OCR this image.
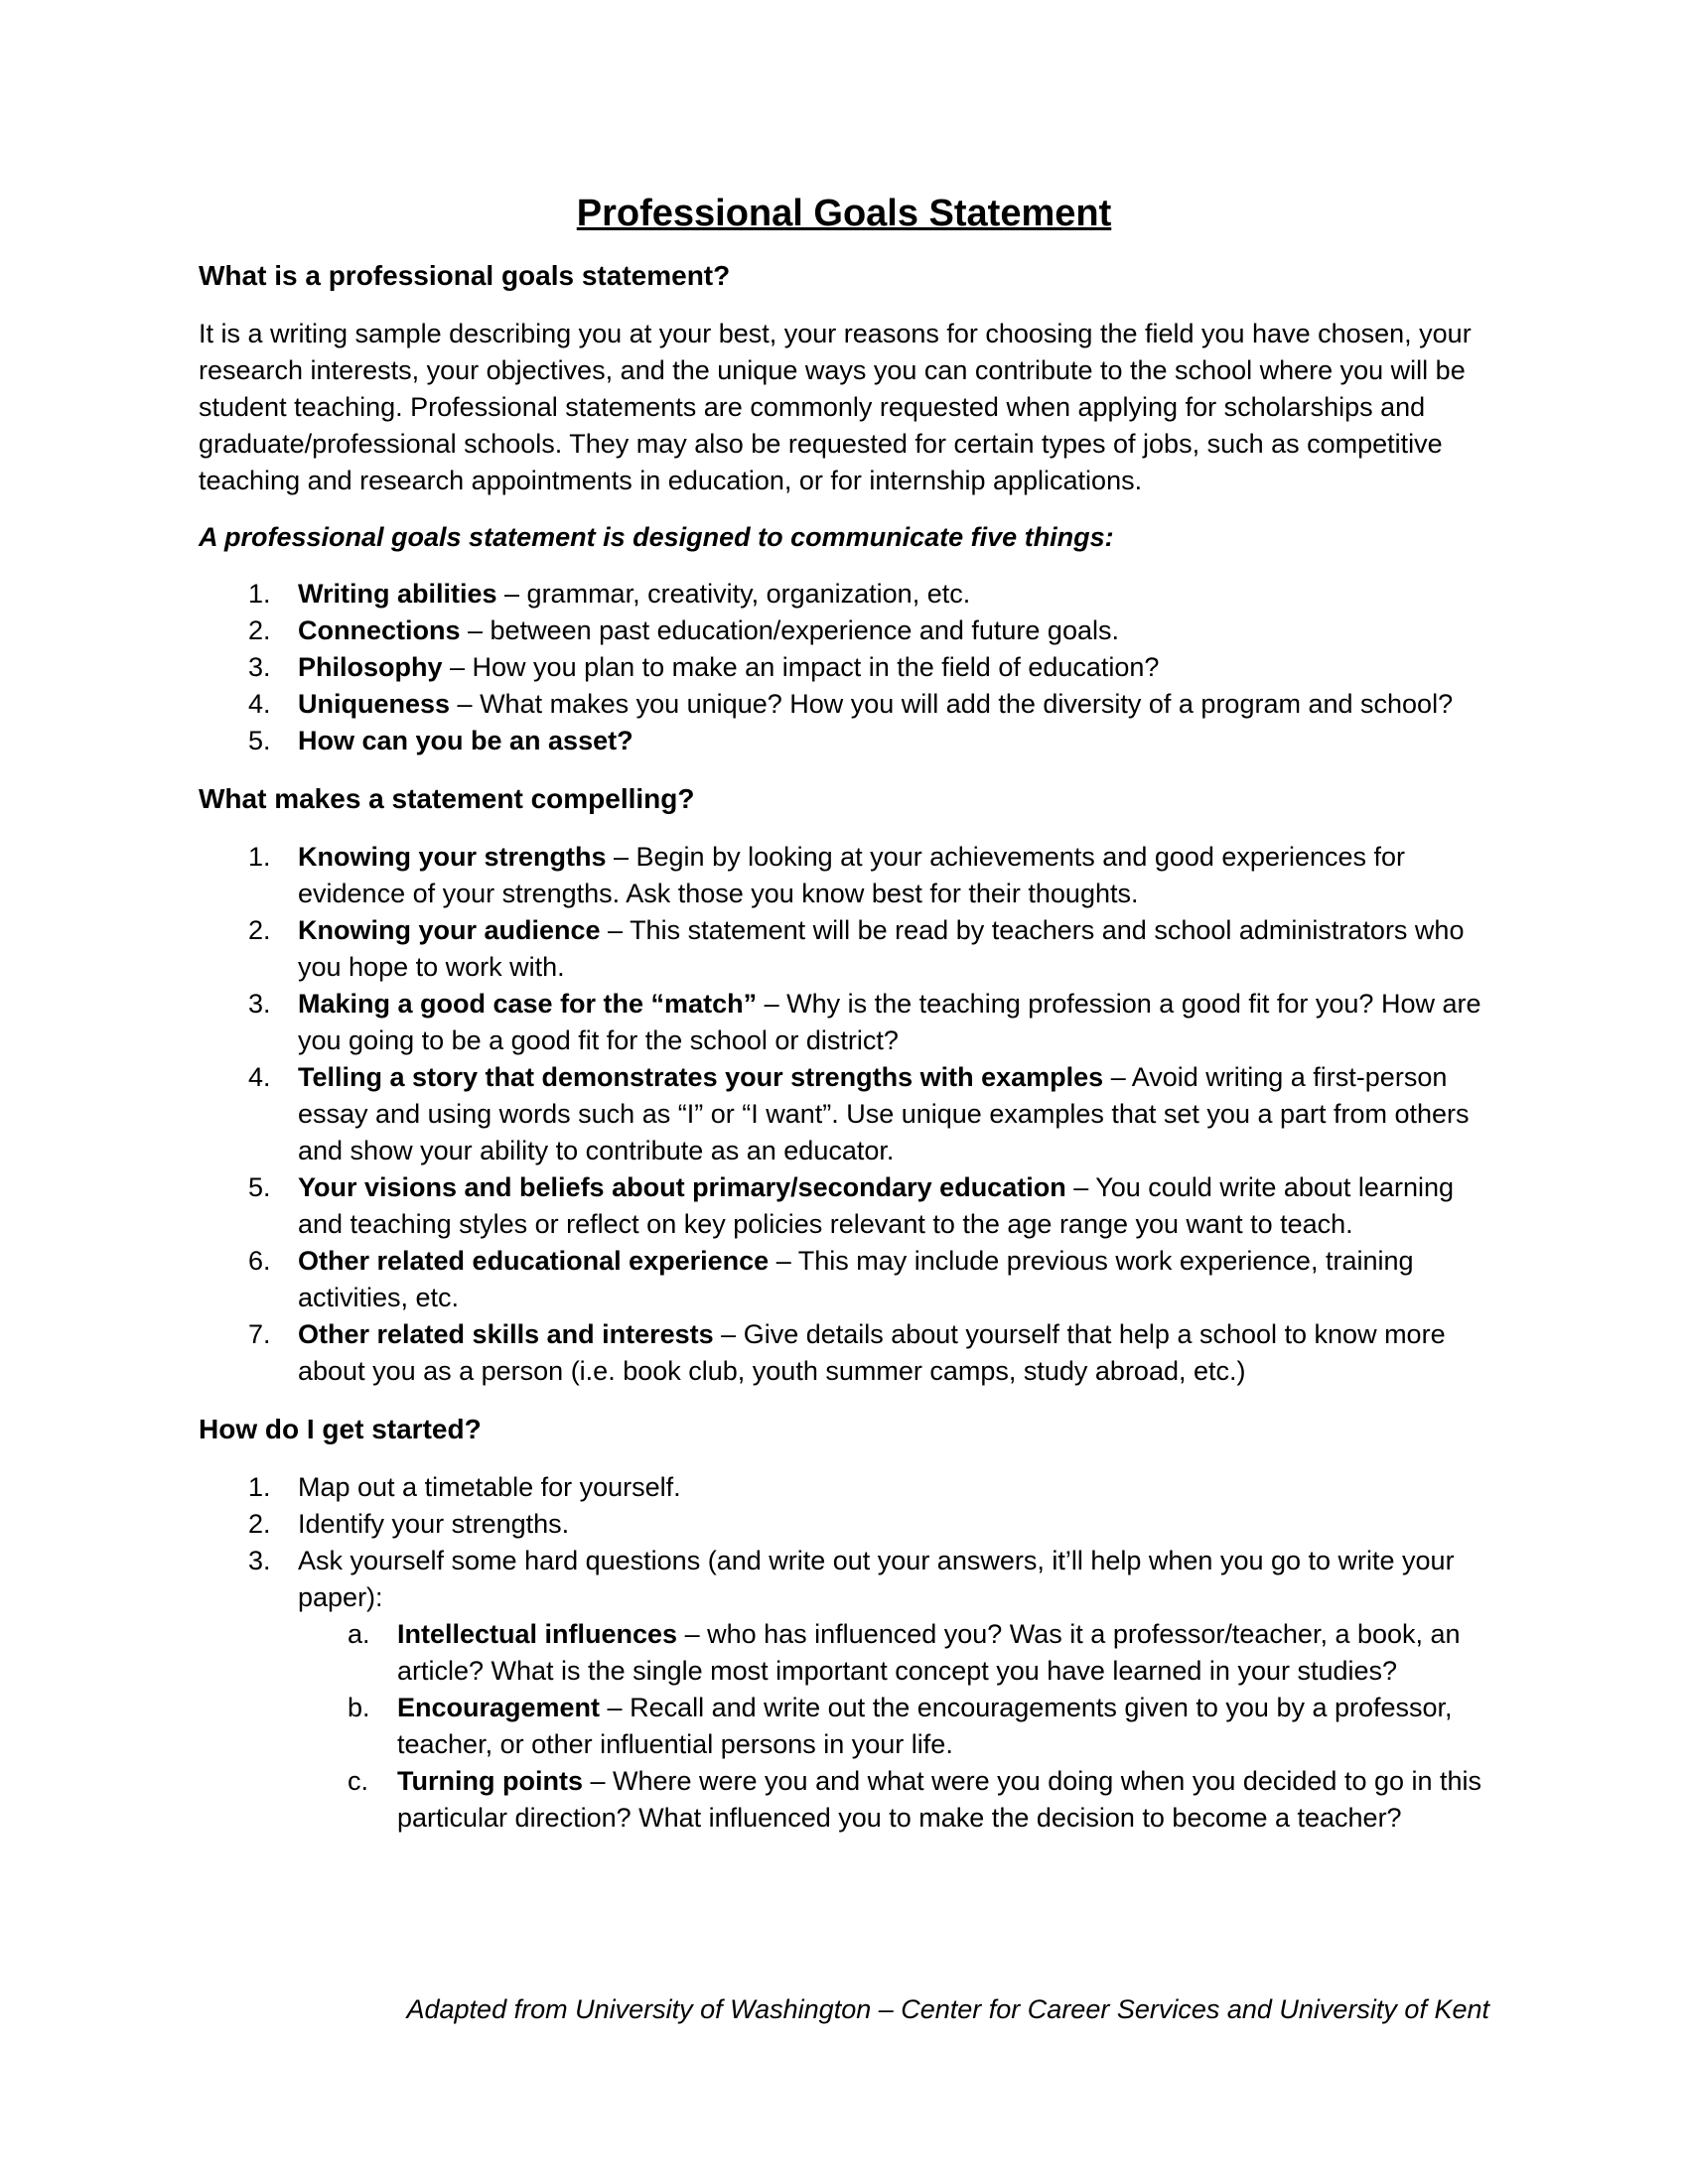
Professional Goals Statement
What is a professional goals statement?

It is a writing sample describing you at your best, your reasons for choosing the field you have chosen, your research interests, your objectives, and the unique ways you can contribute to the school where you will be student teaching. Professional statements are commonly requested when applying for scholarships and graduate/professional schools. They may also be requested for certain types of jobs, such as competitive teaching and research appointments in education, or for internship applications.

A professional goals statement is designed to communicate five things:

1. Writing abilities – grammar, creativity, organization, etc.
2. Connections – between past education/experience and future goals.
3. Philosophy – How you plan to make an impact in the field of education?
4. Uniqueness – What makes you unique? How you will add the diversity of a program and school?
5. How can you be an asset?
What makes a statement compelling?
1. Knowing your strengths – Begin by looking at your achievements and good experiences for evidence of your strengths. Ask those you know best for their thoughts.
2. Knowing your audience – This statement will be read by teachers and school administrators who you hope to work with.
3. Making a good case for the “match” – Why is the teaching profession a good fit for you? How are you going to be a good fit for the school or district?
4. Telling a story that demonstrates your strengths with examples – Avoid writing a first-person essay and using words such as “I” or “I want”. Use unique examples that set you a part from others and show your ability to contribute as an educator.
5. Your visions and beliefs about primary/secondary education – You could write about learning and teaching styles or reflect on key policies relevant to the age range you want to teach.
6. Other related educational experience – This may include previous work experience, training activities, etc.
7. Other related skills and interests – Give details about yourself that help a school to know more about you as a person (i.e. book club, youth summer camps, study abroad, etc.)
How do I get started?
1. Map out a timetable for yourself.
2. Identify your strengths.
3. Ask yourself some hard questions (and write out your answers, it’ll help when you go to write your paper):
a. Intellectual influences – who has influenced you? Was it a professor/teacher, a book, an article? What is the single most important concept you have learned in your studies?
b. Encouragement – Recall and write out the encouragements given to you by a professor, teacher, or other influential persons in your life.
c. Turning points – Where were you and what were you doing when you decided to go in this particular direction? What influenced you to make the decision to become a teacher?
Adapted from University of Washington – Center for Career Services and University of Kent
